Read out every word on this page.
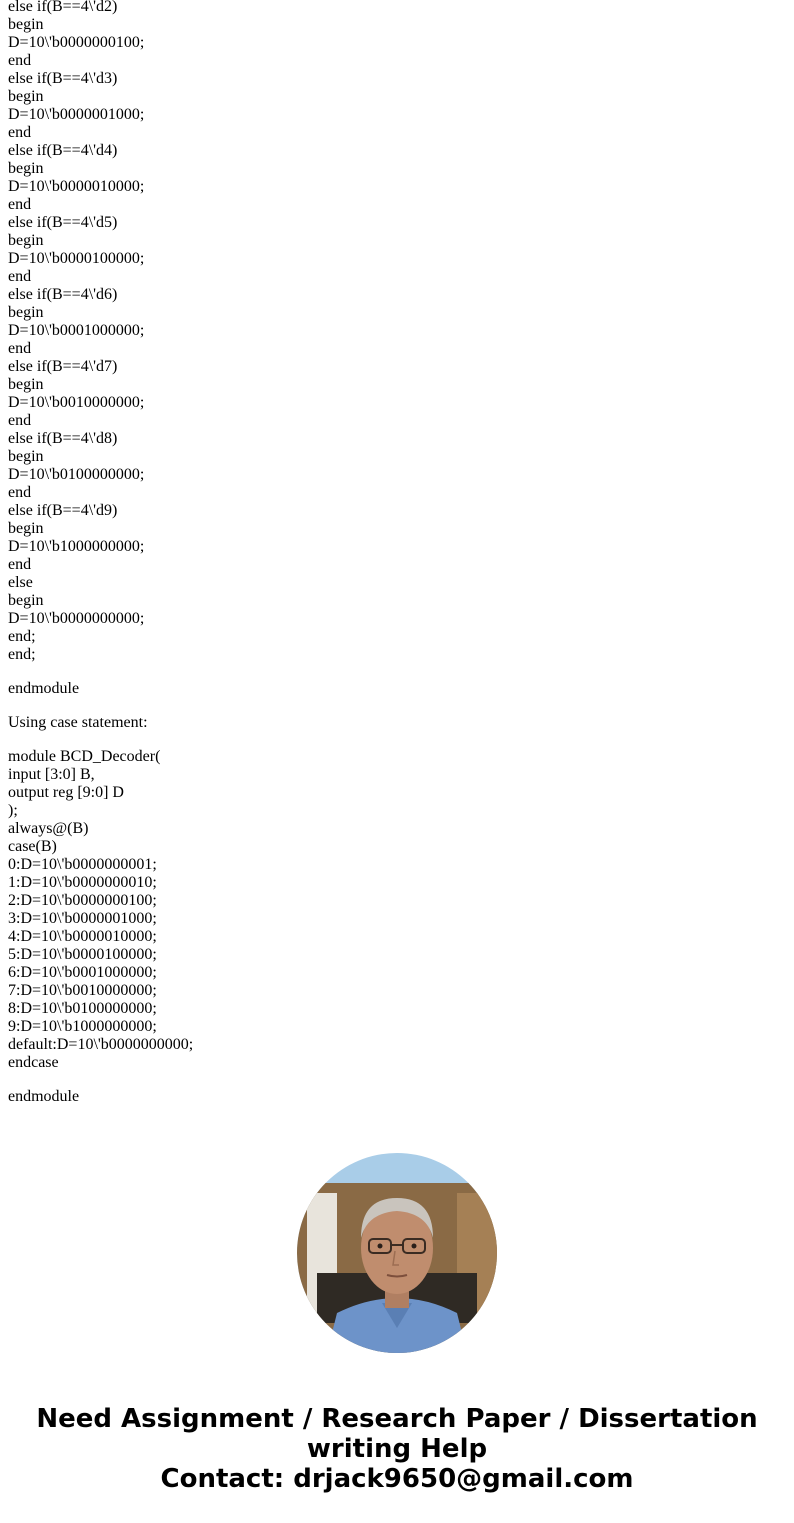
else if(B==4\'d2)
begin
D=10\'b0000000100;
end
else if(B==4\'d3)
begin
D=10\'b0000001000;
end
else if(B==4\'d4)
begin
D=10\'b0000010000;
end
else if(B==4\'d5)
begin
D=10\'b0000100000;
end
else if(B==4\'d6)
begin
D=10\'b0001000000;
end
else if(B==4\'d7)
begin
D=10\'b0010000000;
end
else if(B==4\'d8)
begin
D=10\'b0100000000;
end
else if(B==4\'d9)
begin
D=10\'b1000000000;
end
else
begin
D=10\'b0000000000;
end;
end;
endmodule
Using case statement:
module BCD_Decoder(
input [3:0] B,
output reg [9:0] D
);
always@(B)
case(B)
0:D=10\'b0000000001;
1:D=10\'b0000000010;
2:D=10\'b0000000100;
3:D=10\'b0000001000;
4:D=10\'b0000010000;
5:D=10\'b0000100000;
6:D=10\'b0001000000;
7:D=10\'b0010000000;
8:D=10\'b0100000000;
9:D=10\'b1000000000;
default:D=10\'b0000000000;
endcase
endmodule
Need Assignment / Research Paper / Dissertation
writing Help
Contact: drjack9650@gmail.com
